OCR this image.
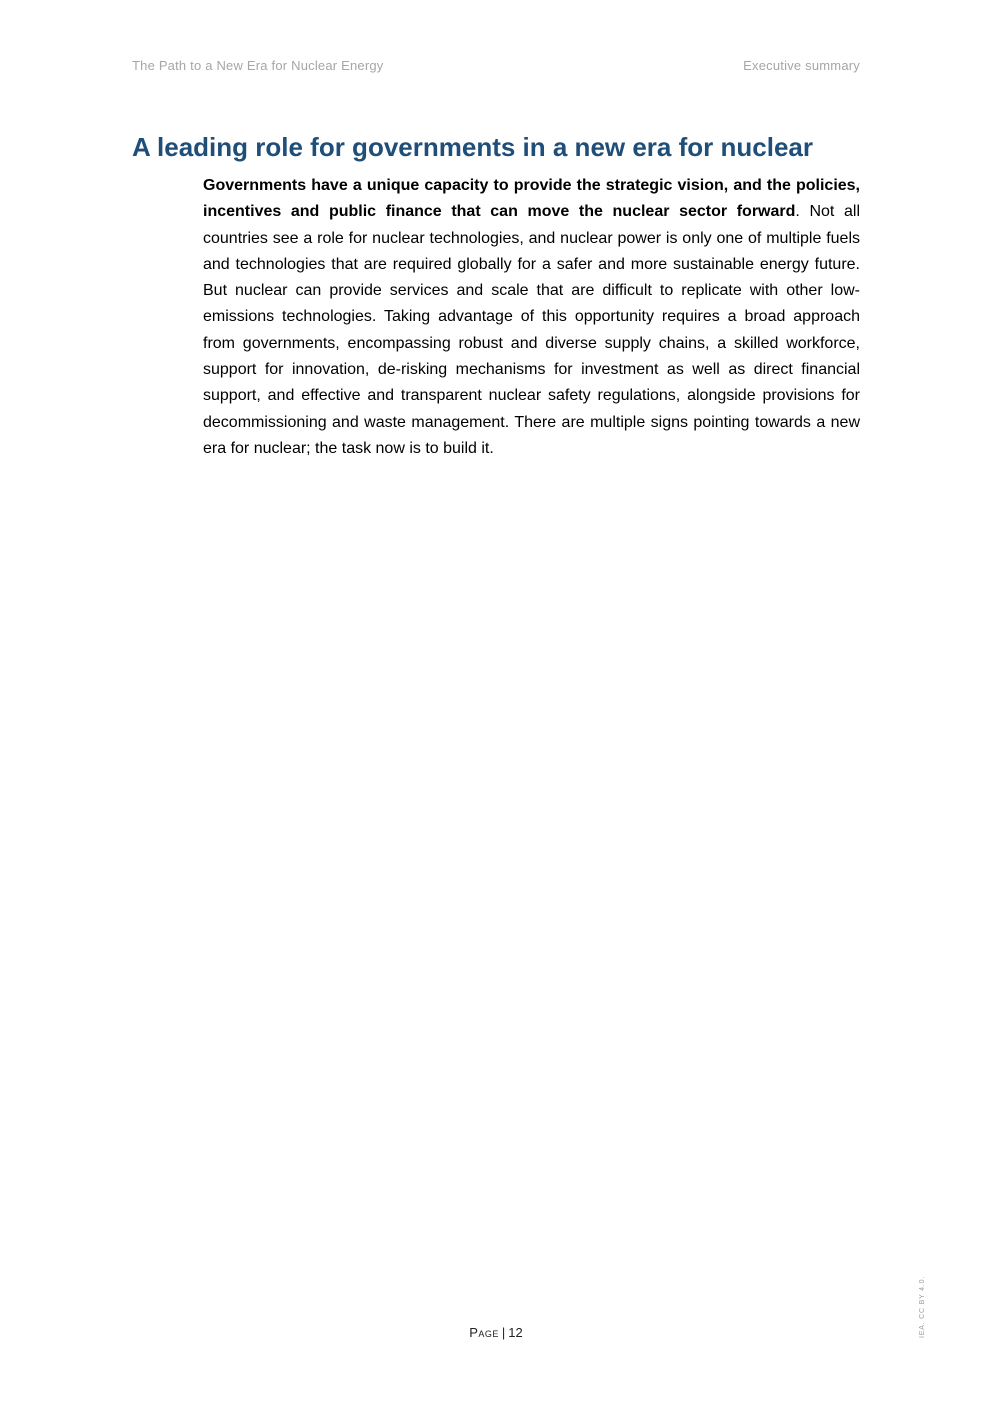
The Path to a New Era for Nuclear Energy	Executive summary
A leading role for governments in a new era for nuclear

Governments have a unique capacity to provide the strategic vision, and the policies, incentives and public finance that can move the nuclear sector forward. Not all countries see a role for nuclear technologies, and nuclear power is only one of multiple fuels and technologies that are required globally for a safer and more sustainable energy future. But nuclear can provide services and scale that are difficult to replicate with other low-emissions technologies. Taking advantage of this opportunity requires a broad approach from governments, encompassing robust and diverse supply chains, a skilled workforce, support for innovation, de-risking mechanisms for investment as well as direct financial support, and effective and transparent nuclear safety regulations, alongside provisions for decommissioning and waste management. There are multiple signs pointing towards a new era for nuclear; the task now is to build it.

Page | 12	IEA. CC BY 4.0.
